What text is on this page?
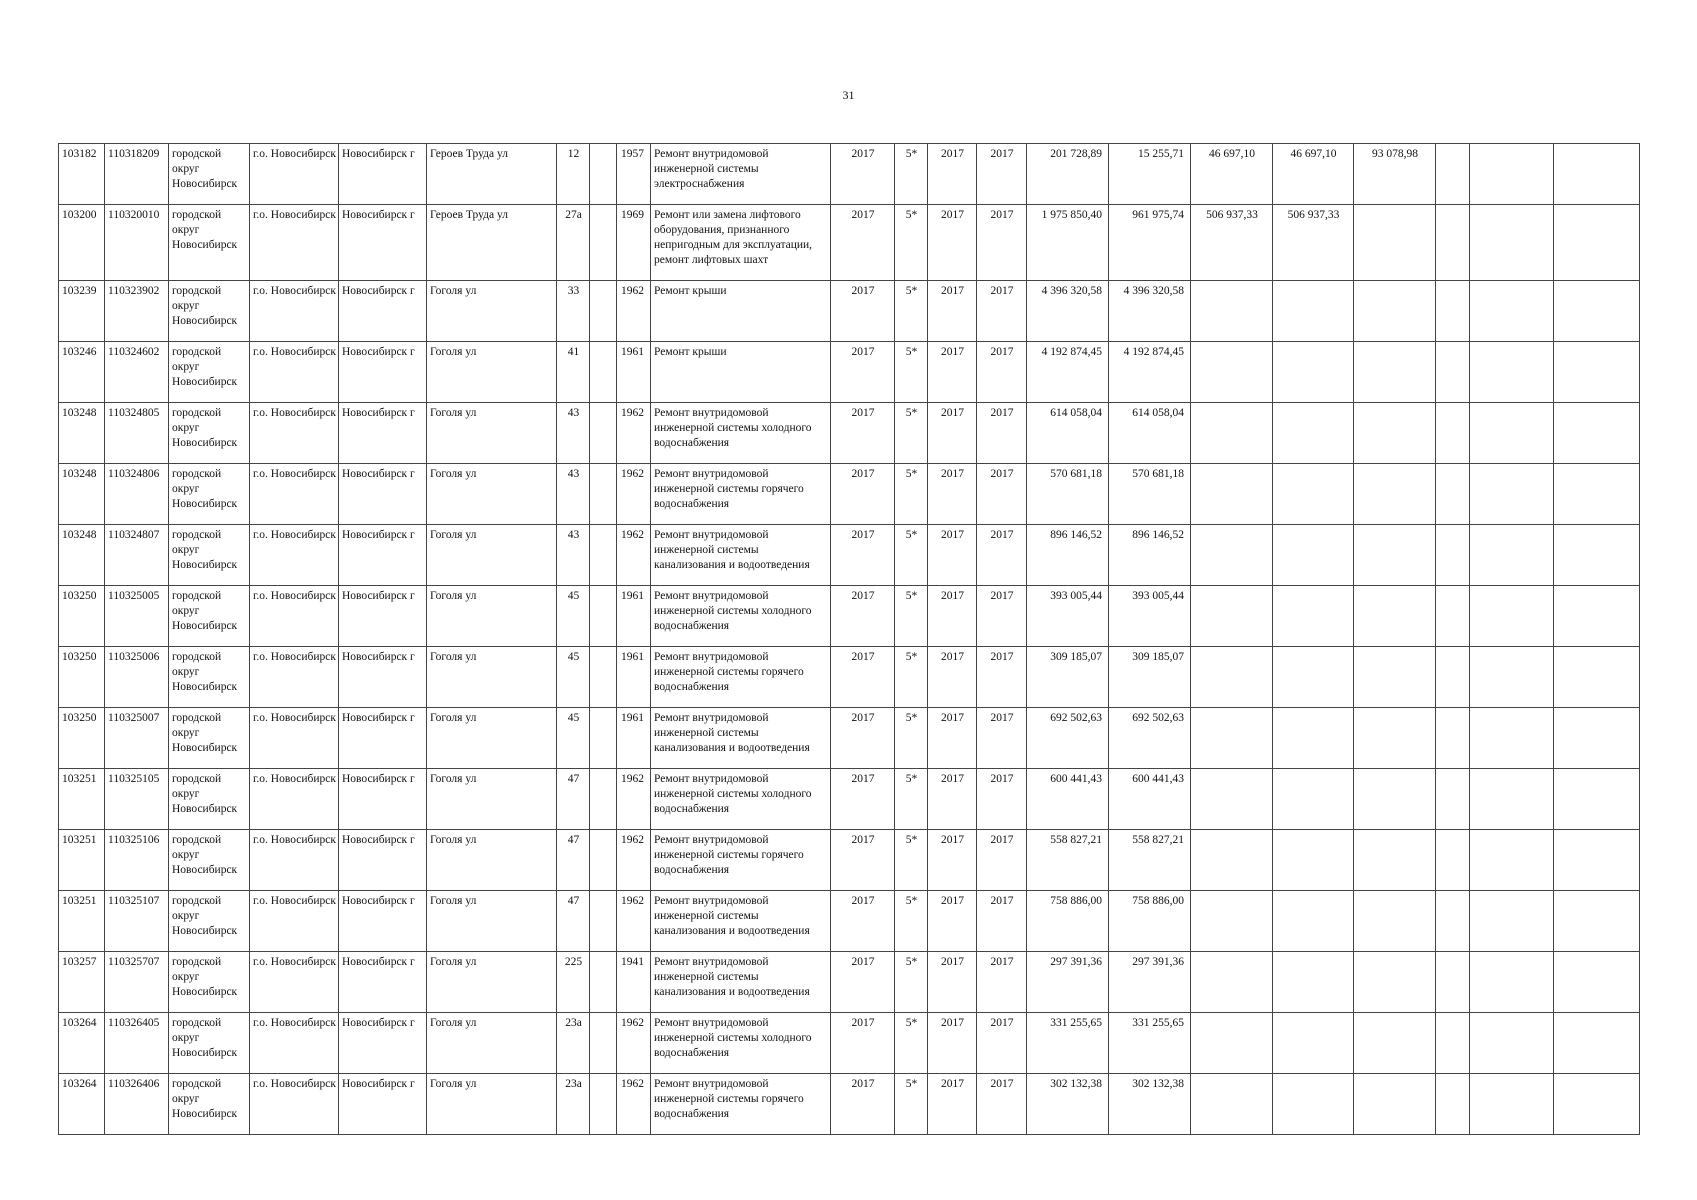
31
103182	110318209	городской округ Новосибирск	г.о. Новосибирск	Новосибирск г	Героев Труда ул	12		1957	Ремонт внутридомовой инженерной системы электроснабжения	2017	5*	2017	2017	201 728,89	15 255,71	46 697,10	46 697,10	93 078,98			
103200	110320010	городской округ Новосибирск	г.о. Новосибирск	Новосибирск г	Героев Труда ул	27а		1969	Ремонт или замена лифтового оборудования, признанного непригодным для эксплуатации, ремонт лифтовых шахт	2017	5*	2017	2017	1 975 850,40	961 975,74	506 937,33	506 937,33				
103239	110323902	городской округ Новосибирск	г.о. Новосибирск	Новосибирск г	Гоголя ул	33		1962	Ремонт крыши	2017	5*	2017	2017	4 396 320,58	4 396 320,58						
103246	110324602	городской округ Новосибирск	г.о. Новосибирск	Новосибирск г	Гоголя ул	41		1961	Ремонт крыши	2017	5*	2017	2017	4 192 874,45	4 192 874,45						
103248	110324805	городской округ Новосибирск	г.о. Новосибирск	Новосибирск г	Гоголя ул	43		1962	Ремонт внутридомовой инженерной системы холодного водоснабжения	2017	5*	2017	2017	614 058,04	614 058,04						
103248	110324806	городской округ Новосибирск	г.о. Новосибирск	Новосибирск г	Гоголя ул	43		1962	Ремонт внутридомовой инженерной системы горячего водоснабжения	2017	5*	2017	2017	570 681,18	570 681,18						
103248	110324807	городской округ Новосибирск	г.о. Новосибирск	Новосибирск г	Гоголя ул	43		1962	Ремонт внутридомовой инженерной системы канализования и водоотведения	2017	5*	2017	2017	896 146,52	896 146,52						
103250	110325005	городской округ Новосибирск	г.о. Новосибирск	Новосибирск г	Гоголя ул	45		1961	Ремонт внутридомовой инженерной системы холодного водоснабжения	2017	5*	2017	2017	393 005,44	393 005,44						
103250	110325006	городской округ Новосибирск	г.о. Новосибирск	Новосибирск г	Гоголя ул	45		1961	Ремонт внутридомовой инженерной системы горячего водоснабжения	2017	5*	2017	2017	309 185,07	309 185,07						
103250	110325007	городской округ Новосибирск	г.о. Новосибирск	Новосибирск г	Гоголя ул	45		1961	Ремонт внутридомовой инженерной системы канализования и водоотведения	2017	5*	2017	2017	692 502,63	692 502,63						
103251	110325105	городской округ Новосибирск	г.о. Новосибирск	Новосибирск г	Гоголя ул	47		1962	Ремонт внутридомовой инженерной системы холодного водоснабжения	2017	5*	2017	2017	600 441,43	600 441,43						
103251	110325106	городской округ Новосибирск	г.о. Новосибирск	Новосибирск г	Гоголя ул	47		1962	Ремонт внутридомовой инженерной системы горячего водоснабжения	2017	5*	2017	2017	558 827,21	558 827,21						
103251	110325107	городской округ Новосибирск	г.о. Новосибирск	Новосибирск г	Гоголя ул	47		1962	Ремонт внутридомовой инженерной системы канализования и водоотведения	2017	5*	2017	2017	758 886,00	758 886,00						
103257	110325707	городской округ Новосибирск	г.о. Новосибирск	Новосибирск г	Гоголя ул	225		1941	Ремонт внутридомовой инженерной системы канализования и водоотведения	2017	5*	2017	2017	297 391,36	297 391,36						
103264	110326405	городской округ Новосибирск	г.о. Новосибирск	Новосибирск г	Гоголя ул	23а		1962	Ремонт внутридомовой инженерной системы холодного водоснабжения	2017	5*	2017	2017	331 255,65	331 255,65						
103264	110326406	городской округ Новосибирск	г.о. Новосибирск	Новосибирск г	Гоголя ул	23а		1962	Ремонт внутридомовой инженерной системы горячего водоснабжения	2017	5*	2017	2017	302 132,38	302 132,38						
